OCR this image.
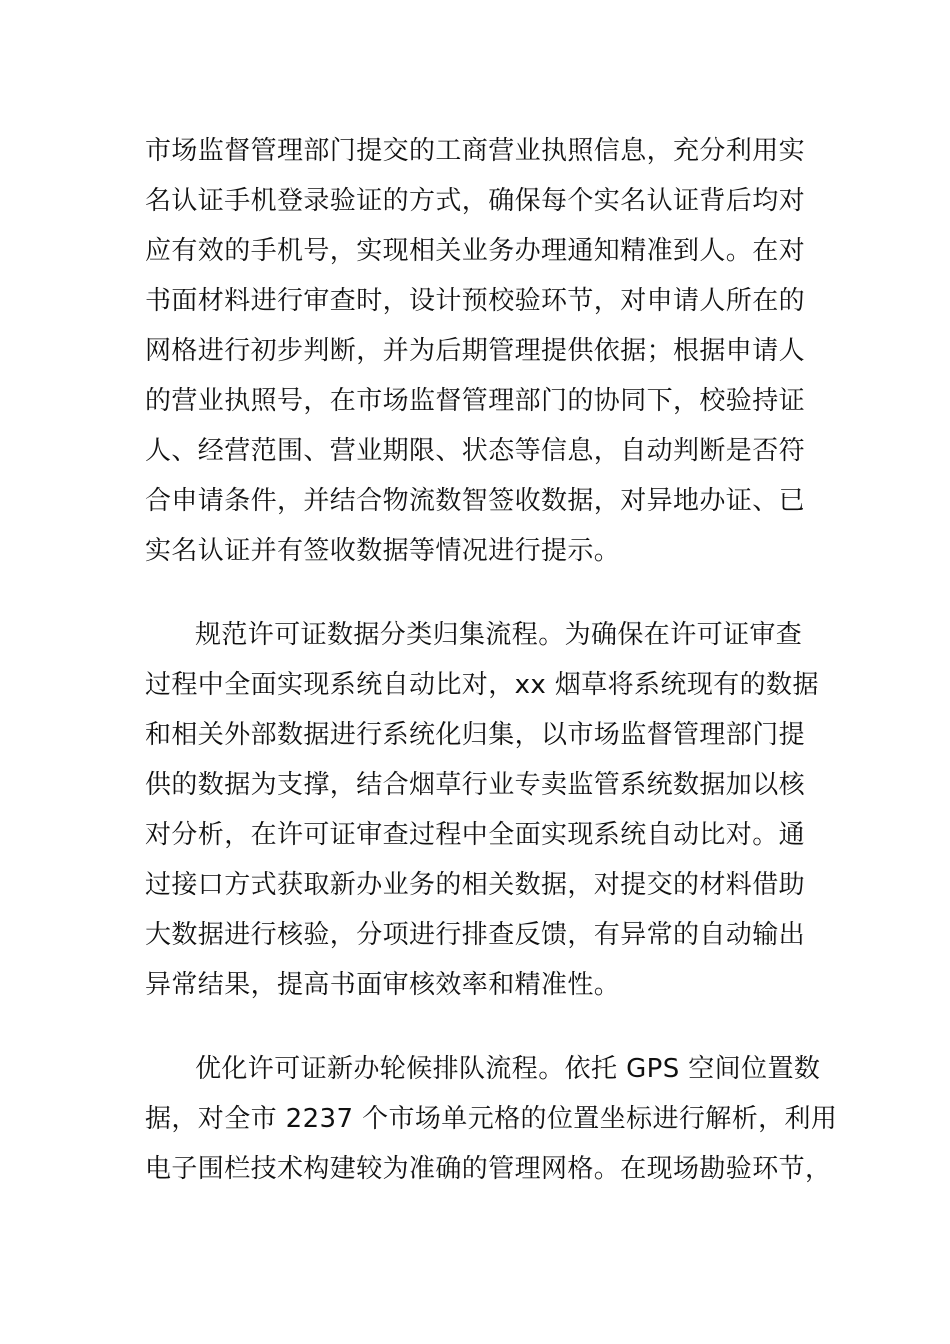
市场监督管理部门提交的工商营业执照信息，充分利用实
名认证手机登录验证的方式，确保每个实名认证背后均对
应有效的手机号，实现相关业务办理通知精准到人。在对
书面材料进行审查时，设计预校验环节，对申请人所在的
网格进行初步判断，并为后期管理提供依据；根据申请人
的营业执照号，在市场监督管理部门的协同下，校验持证
人、经营范围、营业期限、状态等信息，自动判断是否符
合申请条件，并结合物流数智签收数据，对异地办证、已
实名认证并有签收数据等情况进行提示。
规范许可证数据分类归集流程。为确保在许可证审查
过程中全面实现系统自动比对，xx 烟草将系统现有的数据
和相关外部数据进行系统化归集，以市场监督管理部门提
供的数据为支撑，结合烟草行业专卖监管系统数据加以核
对分析，在许可证审查过程中全面实现系统自动比对。通
过接口方式获取新办业务的相关数据，对提交的材料借助
大数据进行核验，分项进行排查反馈，有异常的自动输出
异常结果，提高书面审核效率和精准性。
优化许可证新办轮候排队流程。依托 GPS 空间位置数
据，对全市 2237 个市场单元格的位置坐标进行解析，利用
电子围栏技术构建较为准确的管理网格。在现场勘验环节，
